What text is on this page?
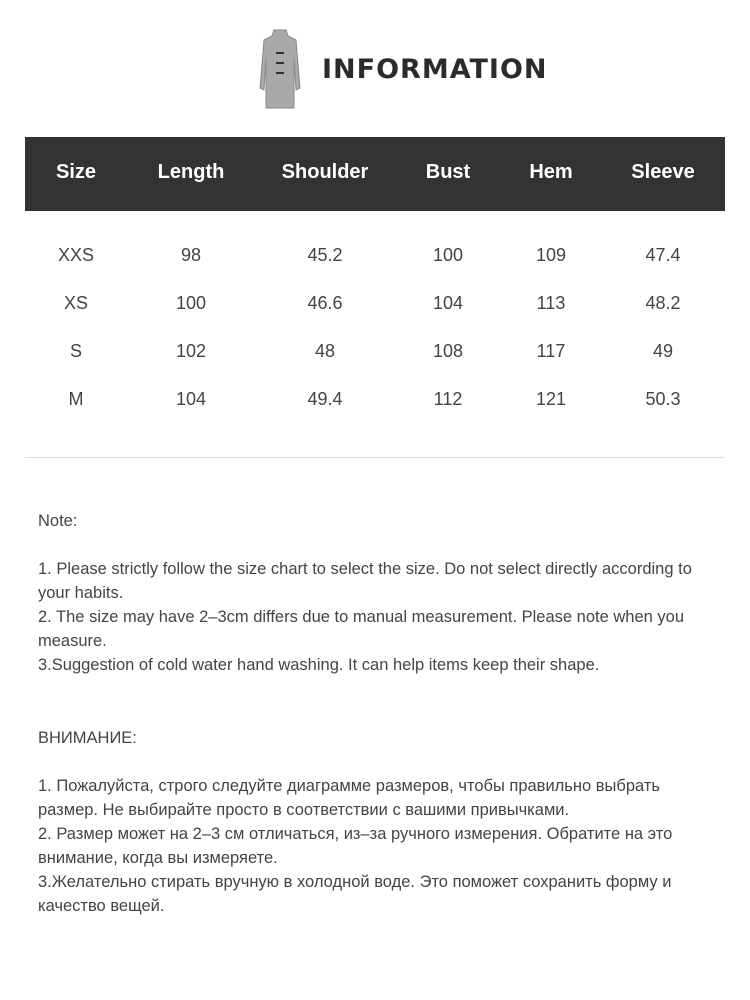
INFORMATION
Size	Length	Shoulder	Bust	Hem	Sleeve
XXS	98	45.2	100	109	47.4
XS	100	46.6	104	113	48.2
S	102	48	108	117	49
M	104	49.4	112	121	50.3

Note:

1. Please strictly follow the size chart to select the size. Do not select directly according to your habits.

2. The size may have 2–3cm differs due to manual measurement. Please note when you measure.

3.Suggestion of cold water hand washing. It can help items keep their shape.

ВНИМАНИЕ:

1. Пожалуйста, строго следуйте диаграмме размеров, чтобы правильно выбрать размер. Не выбирайте просто в соответствии с вашими привычками.

2. Размер может на 2–3 см отличаться, из–за ручного измерения. Обратите на это внимание, когда вы измеряете.

3.Желательно стирать вручную в холодной воде. Это поможет сохранить форму и качество вещей.
